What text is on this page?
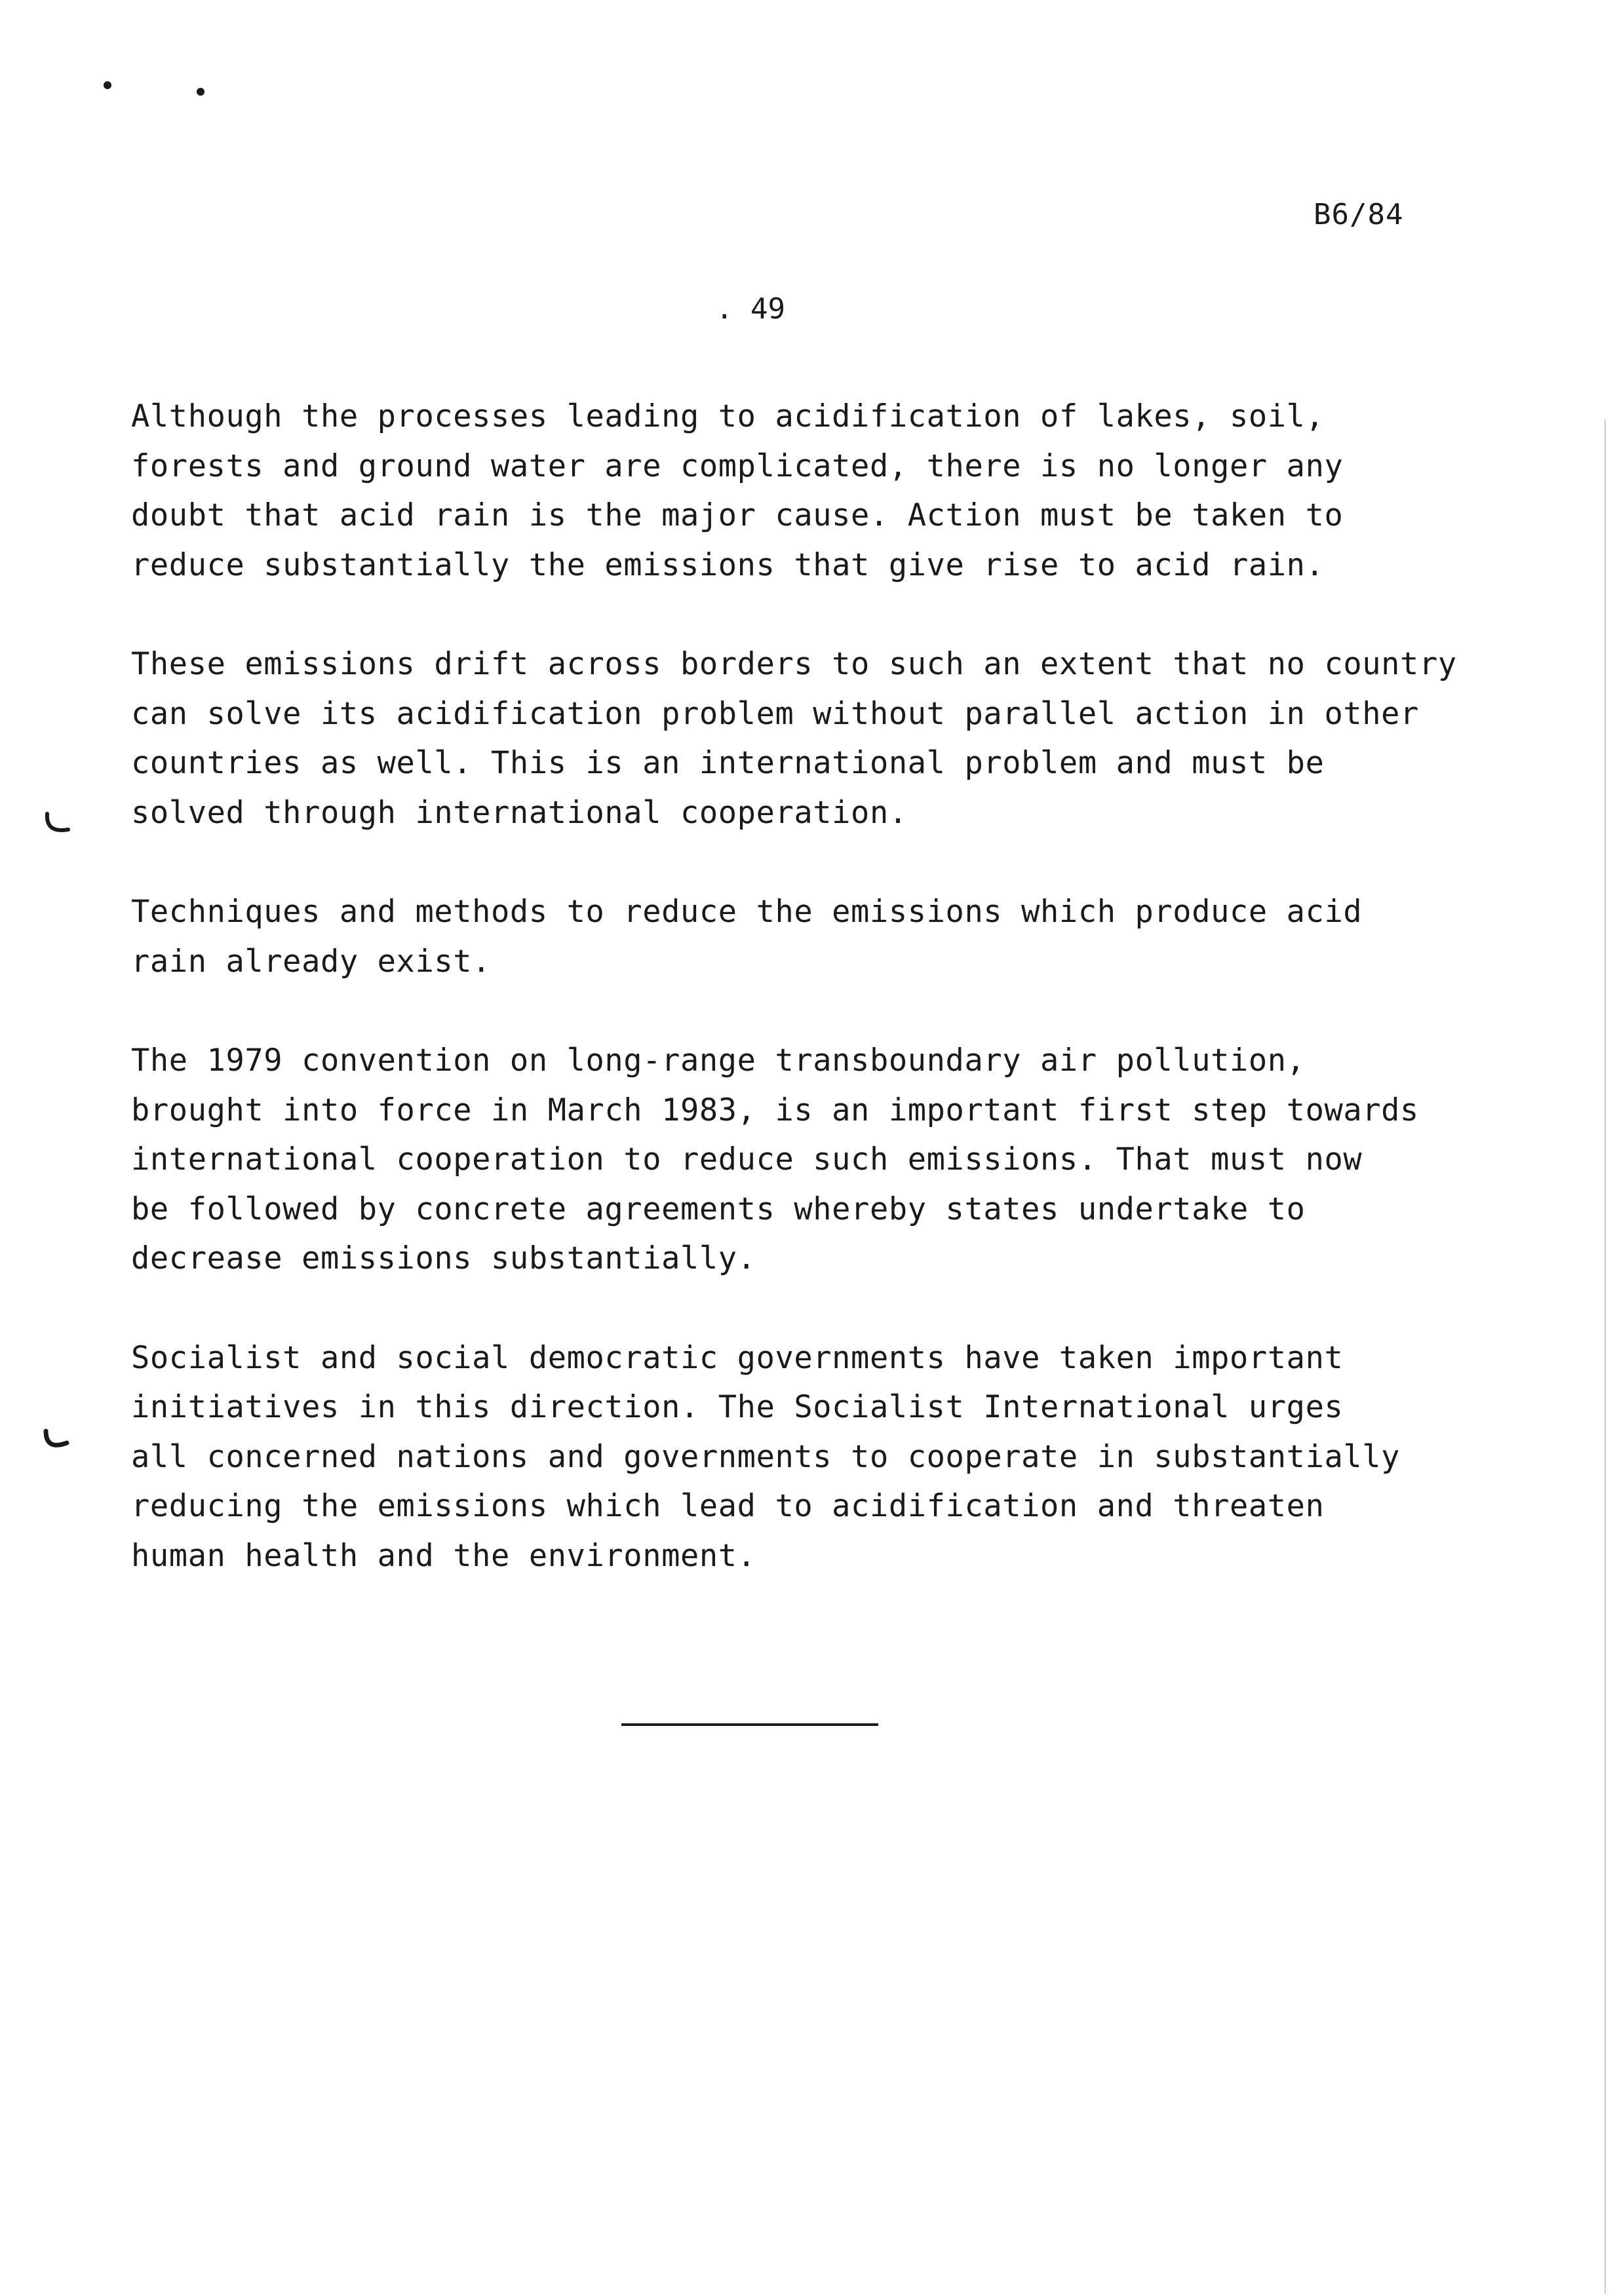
B6/84
. 49
Although the processes leading to acidification of lakes, soil,
forests and ground water are complicated, there is no longer any
doubt that acid rain is the major cause. Action must be taken to
reduce substantially the emissions that give rise to acid rain.
These emissions drift across borders to such an extent that no country
can solve its acidification problem without parallel action in other
countries as well. This is an international problem and must be
solved through international cooperation.
Techniques and methods to reduce the emissions which produce acid
rain already exist.
The 1979 convention on long-range transboundary air pollution,
brought into force in March 1983, is an important first step towards
international cooperation to reduce such emissions. That must now
be followed by concrete agreements whereby states undertake to
decrease emissions substantially.
Socialist and social democratic governments have taken important
initiatives in this direction. The Socialist International urges
all concerned nations and governments to cooperate in substantially
reducing the emissions which lead to acidification and threaten
human health and the environment.
